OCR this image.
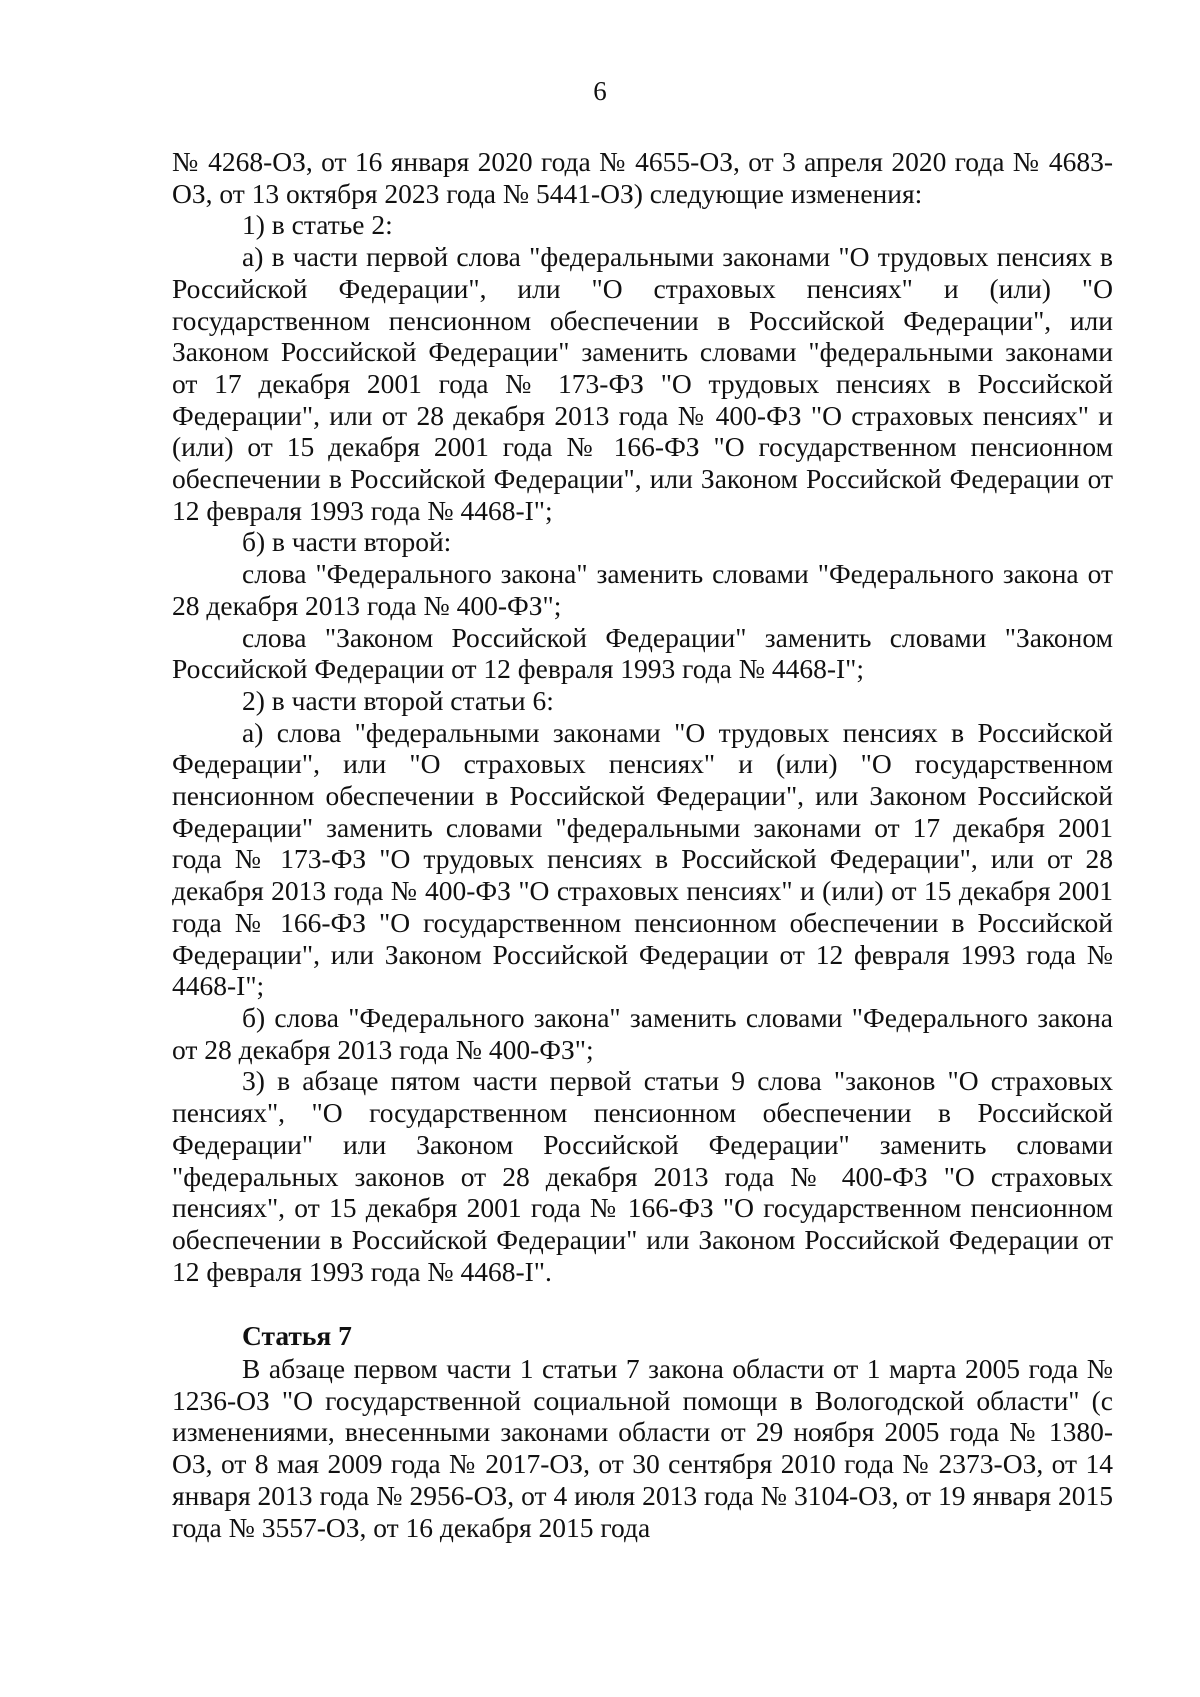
6

№ 4268-ОЗ, от 16 января 2020 года № 4655-ОЗ, от 3 апреля 2020 года № 4683-ОЗ, от 13 октября 2023 года № 5441-ОЗ) следующие изменения:

1) в статье 2:

а) в части первой слова "федеральными законами "О трудовых пенсиях в Российской Федерации", или "О страховых пенсиях" и (или) "О государственном пенсионном обеспечении в Российской Федерации", или Законом Российской Федерации" заменить словами "федеральными законами от 17 декабря 2001 года № 173-ФЗ "О трудовых пенсиях в Российской Федерации", или от 28 декабря 2013 года № 400-ФЗ "О страховых пенсиях" и (или) от 15 декабря 2001 года № 166-ФЗ "О государственном пенсионном обеспечении в Российской Федерации", или Законом Российской Федерации от 12 февраля 1993 года № 4468-I";

б) в части второй:

слова "Федерального закона" заменить словами "Федерального закона от 28 декабря 2013 года № 400-ФЗ";

слова "Законом Российской Федерации" заменить словами "Законом Российской Федерации от 12 февраля 1993 года № 4468-I";

2) в части второй статьи 6:

а) слова "федеральными законами "О трудовых пенсиях в Российской Федерации", или "О страховых пенсиях" и (или) "О государственном пенсионном обеспечении в Российской Федерации", или Законом Российской Федерации" заменить словами "федеральными законами от 17 декабря 2001 года № 173-ФЗ "О трудовых пенсиях в Российской Федерации", или от 28 декабря 2013 года № 400-ФЗ "О страховых пенсиях" и (или) от 15 декабря 2001 года № 166-ФЗ "О государственном пенсионном обеспечении в Российской Федерации", или Законом Российской Федерации от 12 февраля 1993 года № 4468-I";

б) слова "Федерального закона" заменить словами "Федерального закона от 28 декабря 2013 года № 400-ФЗ";

3) в абзаце пятом части первой статьи 9 слова "законов "О страховых пенсиях", "О государственном пенсионном обеспечении в Российской Федерации" или Законом Российской Федерации" заменить словами "федеральных законов от 28 декабря 2013 года № 400-ФЗ "О страховых пенсиях", от 15 декабря 2001 года № 166-ФЗ "О государственном пенсионном обеспечении в Российской Федерации" или Законом Российской Федерации от 12 февраля 1993 года № 4468-I".

Статья 7

В абзаце первом части 1 статьи 7 закона области от 1 марта 2005 года № 1236-ОЗ "О государственной социальной помощи в Вологодской области" (с изменениями, внесенными законами области от 29 ноября 2005 года № 1380-ОЗ, от 8 мая 2009 года № 2017-ОЗ, от 30 сентября 2010 года № 2373-ОЗ, от 14 января 2013 года № 2956-ОЗ, от 4 июля 2013 года № 3104-ОЗ, от 19 января 2015 года № 3557-ОЗ, от 16 декабря 2015 года
